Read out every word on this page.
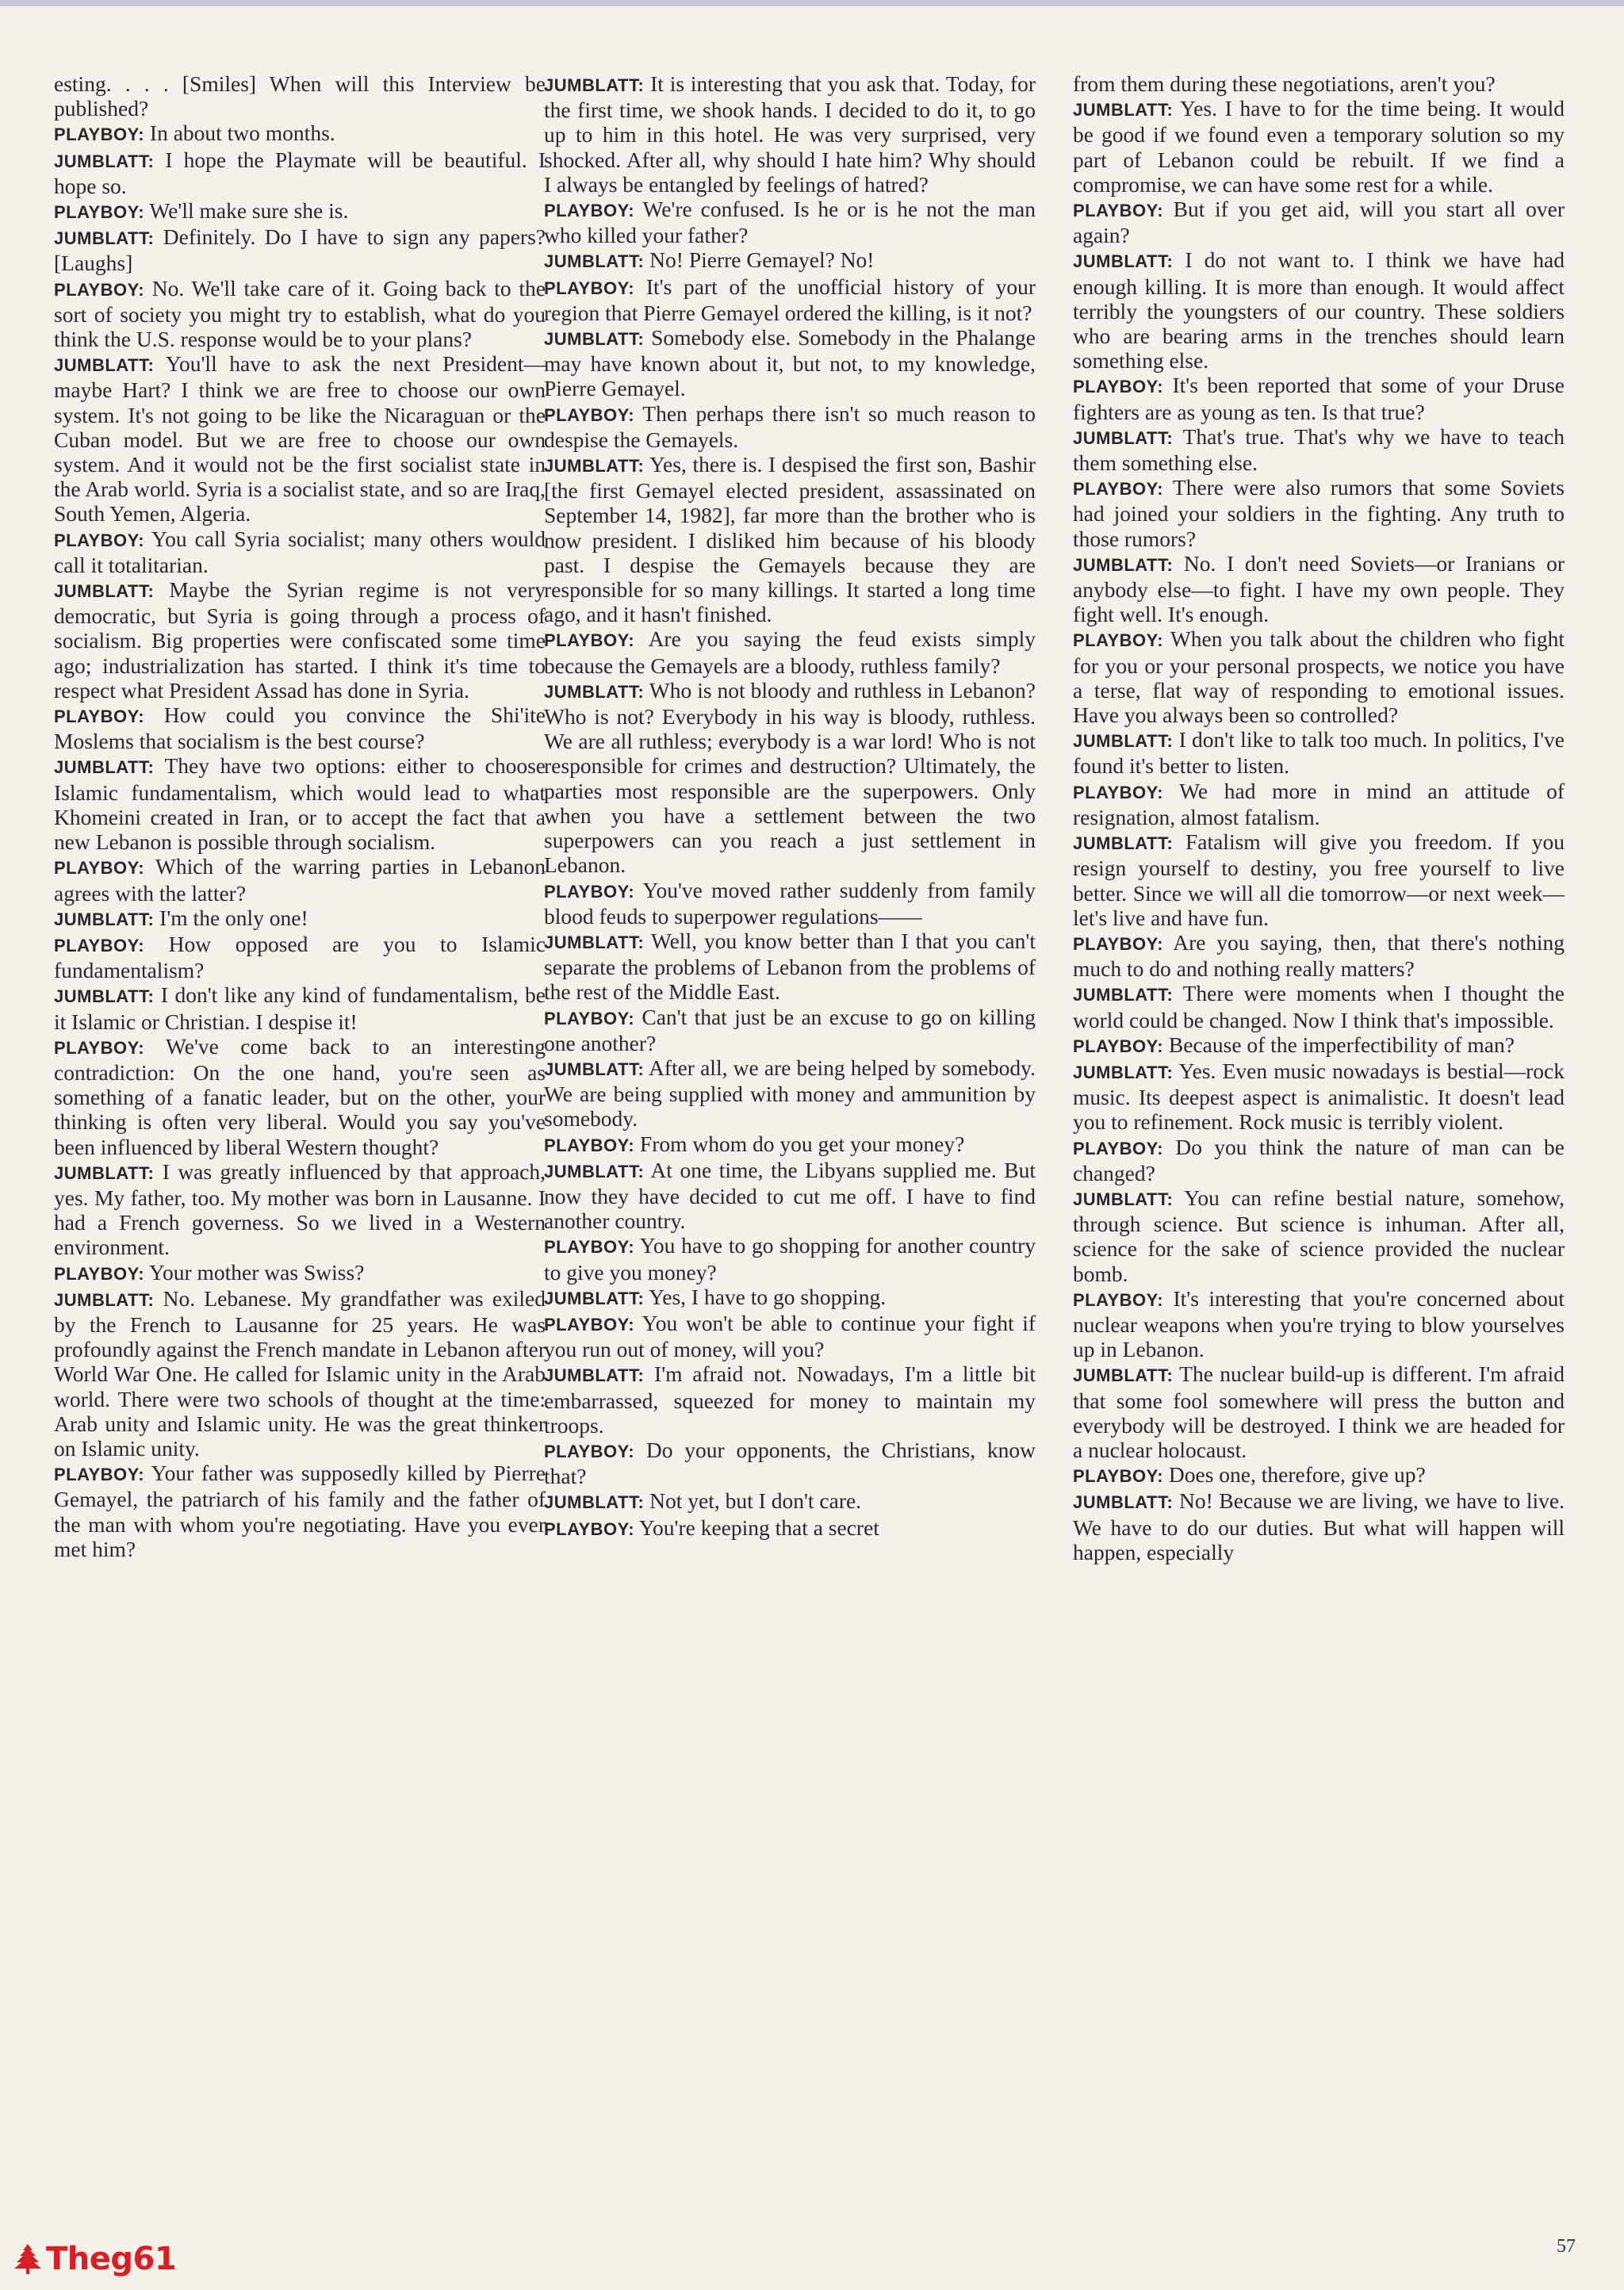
esting. . . . [Smiles] When will this Interview be published?

PLAYBOY: In about two months.

JUMBLATT: I hope the Playmate will be beautiful. I hope so.

PLAYBOY: We'll make sure she is.

JUMBLATT: Definitely. Do I have to sign any papers? [Laughs]

PLAYBOY: No. We'll take care of it. Going back to the sort of society you might try to establish, what do you think the U.S. response would be to your plans?

JUMBLATT: You'll have to ask the next President—maybe Hart? I think we are free to choose our own system. It's not going to be like the Nicaraguan or the Cuban model. But we are free to choose our own system. And it would not be the first socialist state in the Arab world. Syria is a socialist state, and so are Iraq, South Yemen, Algeria.

PLAYBOY: You call Syria socialist; many others would call it totalitarian.

JUMBLATT: Maybe the Syrian regime is not very democratic, but Syria is going through a process of socialism. Big properties were confiscated some time ago; industrialization has started. I think it's time to respect what President Assad has done in Syria.

PLAYBOY: How could you convince the Shi'ite Moslems that socialism is the best course?

JUMBLATT: They have two options: either to choose Islamic fundamentalism, which would lead to what Khomeini created in Iran, or to accept the fact that a new Lebanon is possible through socialism.

PLAYBOY: Which of the warring parties in Lebanon agrees with the latter?

JUMBLATT: I'm the only one!

PLAYBOY: How opposed are you to Islamic fundamentalism?

JUMBLATT: I don't like any kind of fundamentalism, be it Islamic or Christian. I despise it!

PLAYBOY: We've come back to an interesting contradiction: On the one hand, you're seen as something of a fanatic leader, but on the other, your thinking is often very liberal. Would you say you've been influenced by liberal Western thought?

JUMBLATT: I was greatly influenced by that approach, yes. My father, too. My mother was born in Lausanne. I had a French governess. So we lived in a Western environment.

PLAYBOY: Your mother was Swiss?

JUMBLATT: No. Lebanese. My grandfather was exiled by the French to Lausanne for 25 years. He was profoundly against the French mandate in Lebanon after World War One. He called for Islamic unity in the Arab world. There were two schools of thought at the time: Arab unity and Islamic unity. He was the great thinker on Islamic unity.

PLAYBOY: Your father was supposedly killed by Pierre Gemayel, the patriarch of his family and the father of the man with whom you're negotiating. Have you ever met him?

JUMBLATT: It is interesting that you ask that. Today, for the first time, we shook hands. I decided to do it, to go up to him in this hotel. He was very surprised, very shocked. After all, why should I hate him? Why should I always be entangled by feelings of hatred?

PLAYBOY: We're confused. Is he or is he not the man who killed your father?

JUMBLATT: No! Pierre Gemayel? No!

PLAYBOY: It's part of the unofficial history of your region that Pierre Gemayel ordered the killing, is it not?

JUMBLATT: Somebody else. Somebody in the Phalange may have known about it, but not, to my knowledge, Pierre Gemayel.

PLAYBOY: Then perhaps there isn't so much reason to despise the Gemayels.

JUMBLATT: Yes, there is. I despised the first son, Bashir [the first Gemayel elected president, assassinated on September 14, 1982], far more than the brother who is now president. I disliked him because of his bloody past. I despise the Gemayels because they are responsible for so many killings. It started a long time ago, and it hasn't finished.

PLAYBOY: Are you saying the feud exists simply because the Gemayels are a bloody, ruthless family?

JUMBLATT: Who is not bloody and ruthless in Lebanon? Who is not? Everybody in his way is bloody, ruthless. We are all ruthless; everybody is a war lord! Who is not responsible for crimes and destruction? Ultimately, the parties most responsible are the superpowers. Only when you have a settlement between the two superpowers can you reach a just settlement in Lebanon.

PLAYBOY: You've moved rather suddenly from family blood feuds to superpower regulations——

JUMBLATT: Well, you know better than I that you can't separate the problems of Lebanon from the problems of the rest of the Middle East.

PLAYBOY: Can't that just be an excuse to go on killing one another?

JUMBLATT: After all, we are being helped by somebody. We are being supplied with money and ammunition by somebody.

PLAYBOY: From whom do you get your money?

JUMBLATT: At one time, the Libyans supplied me. But now they have decided to cut me off. I have to find another country.

PLAYBOY: You have to go shopping for another country to give you money?

JUMBLATT: Yes, I have to go shopping.

PLAYBOY: You won't be able to continue your fight if you run out of money, will you?

JUMBLATT: I'm afraid not. Nowadays, I'm a little bit embarrassed, squeezed for money to maintain my troops.

PLAYBOY: Do your opponents, the Christians, know that?

JUMBLATT: Not yet, but I don't care.

PLAYBOY: You're keeping that a secret

from them during these negotiations, aren't you?

JUMBLATT: Yes. I have to for the time being. It would be good if we found even a temporary solution so my part of Lebanon could be rebuilt. If we find a compromise, we can have some rest for a while.

PLAYBOY: But if you get aid, will you start all over again?

JUMBLATT: I do not want to. I think we have had enough killing. It is more than enough. It would affect terribly the youngsters of our country. These soldiers who are bearing arms in the trenches should learn something else.

PLAYBOY: It's been reported that some of your Druse fighters are as young as ten. Is that true?

JUMBLATT: That's true. That's why we have to teach them something else.

PLAYBOY: There were also rumors that some Soviets had joined your soldiers in the fighting. Any truth to those rumors?

JUMBLATT: No. I don't need Soviets—or Iranians or anybody else—to fight. I have my own people. They fight well. It's enough.

PLAYBOY: When you talk about the children who fight for you or your personal prospects, we notice you have a terse, flat way of responding to emotional issues. Have you always been so controlled?

JUMBLATT: I don't like to talk too much. In politics, I've found it's better to listen.

PLAYBOY: We had more in mind an attitude of resignation, almost fatalism.

JUMBLATT: Fatalism will give you freedom. If you resign yourself to destiny, you free yourself to live better. Since we will all die tomorrow—or next week—let's live and have fun.

PLAYBOY: Are you saying, then, that there's nothing much to do and nothing really matters?

JUMBLATT: There were moments when I thought the world could be changed. Now I think that's impossible.

PLAYBOY: Because of the imperfectibility of man?

JUMBLATT: Yes. Even music nowadays is bestial—rock music. Its deepest aspect is animalistic. It doesn't lead you to refinement. Rock music is terribly violent.

PLAYBOY: Do you think the nature of man can be changed?

JUMBLATT: You can refine bestial nature, somehow, through science. But science is inhuman. After all, science for the sake of science provided the nuclear bomb.

PLAYBOY: It's interesting that you're concerned about nuclear weapons when you're trying to blow yourselves up in Lebanon.

JUMBLATT: The nuclear build-up is different. I'm afraid that some fool somewhere will press the button and everybody will be destroyed. I think we are headed for a nuclear holocaust.

PLAYBOY: Does one, therefore, give up?

JUMBLATT: No! Because we are living, we have to live. We have to do our duties. But what will happen will happen, especially

57
Theg61
